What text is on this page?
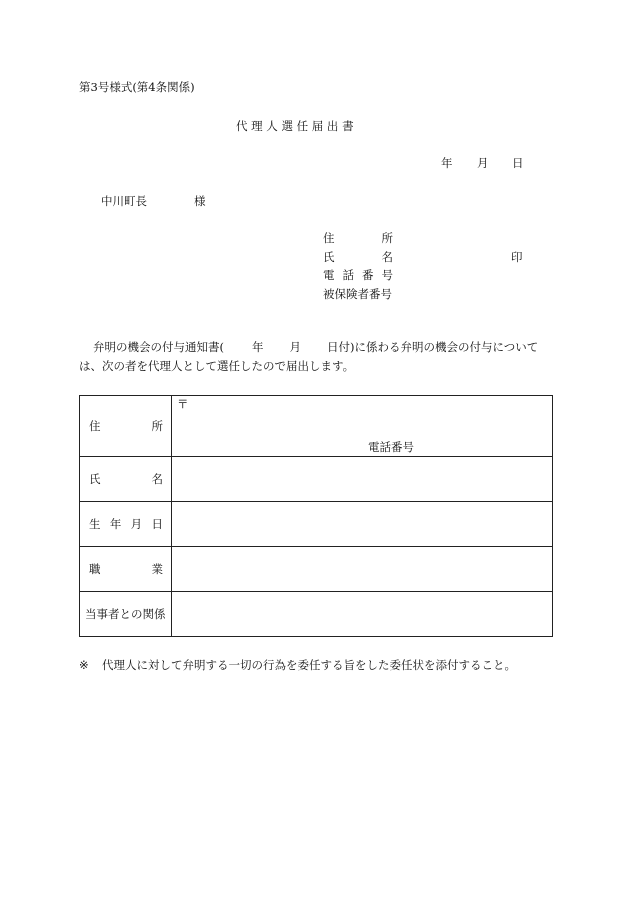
第3号様式(第4条関係)
代 理 人 選 任 届 出 書
年 月 日
中川町長	様
住	所
氏	名	印
電 話 番 号
被保険者番号
弁明の機会の付与通知書( 年 月 日付)に係わる弁明の機会の付与について
は、次の者を代理人として選任したので届出します。
住 所	〒
電話番号

氏 名	

生 年 月 日	

職 業	

当事者との関係	
※ 代理人に対して弁明する一切の行為を委任する旨をした委任状を添付すること。
